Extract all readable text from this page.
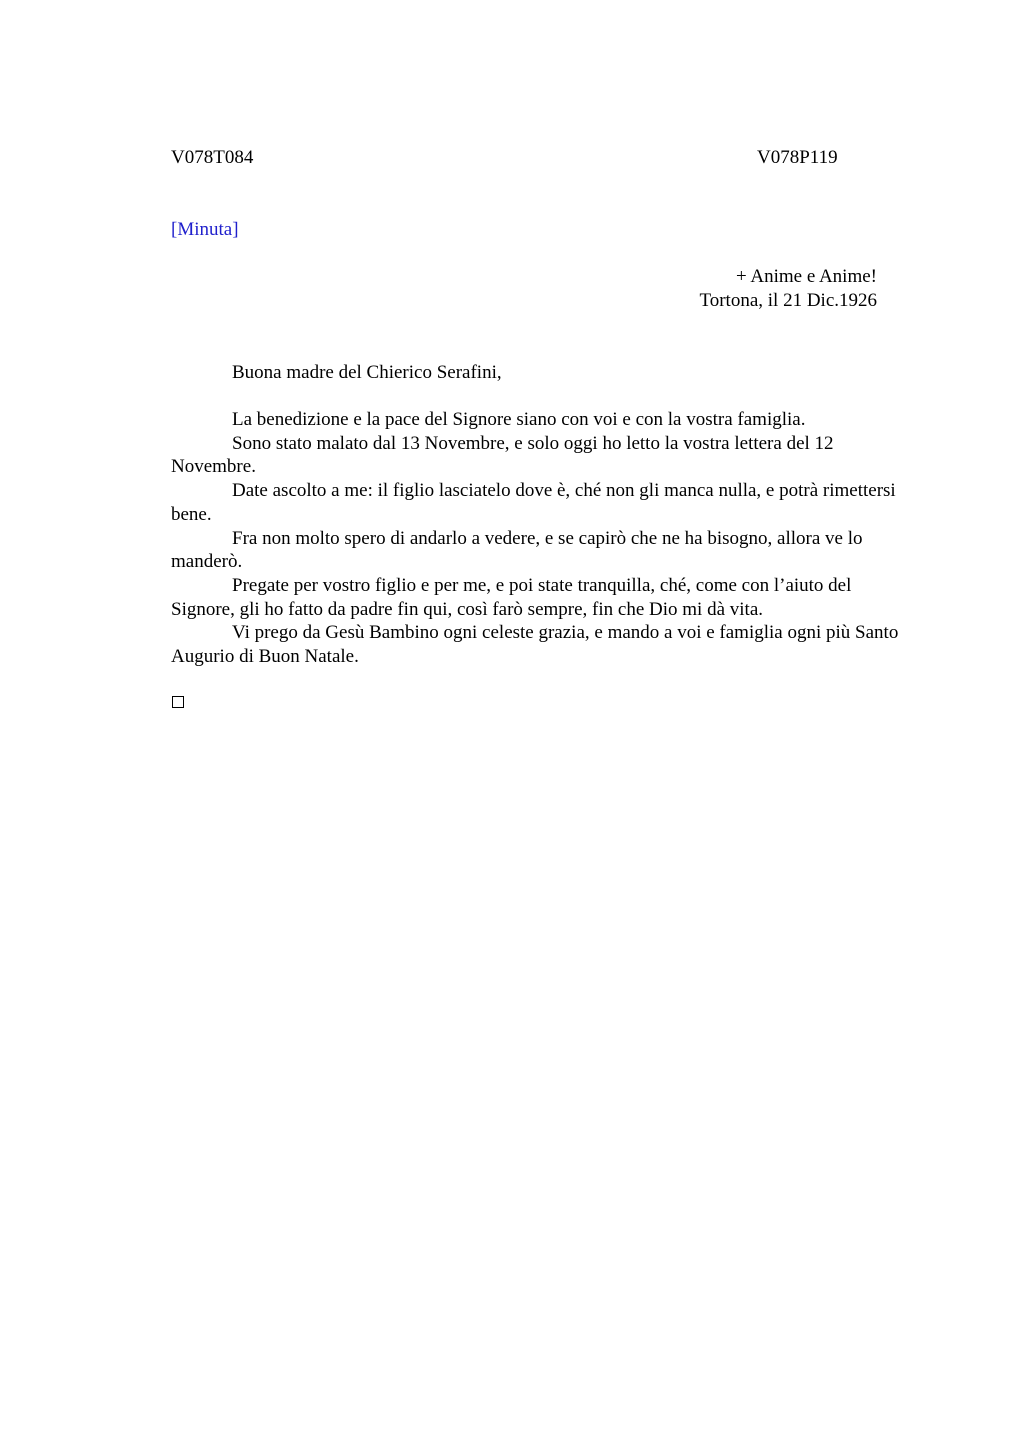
V078T084	V078P119
[Minuta]
+ Anime e Anime!
Tortona, il 21 Dic.1926
Buona madre del Chierico Serafini,

La benedizione e la pace del Signore siano con voi e con la vostra famiglia.

Sono stato malato dal 13 Novembre, e solo oggi ho letto la vostra lettera del 12 Novembre.

Date ascolto a me: il figlio lasciatelo dove è, ché non gli manca nulla, e potrà rimettersi bene.

Fra non molto spero di andarlo a vedere, e se capirò che ne ha bisogno, allora ve lo manderò.

Pregate per vostro figlio e per me, e poi state tranquilla, ché, come con l’aiuto del Signore, gli ho fatto da padre fin qui, così farò sempre, fin che Dio mi dà vita.

Vi prego da Gesù Bambino ogni celeste grazia, e mando a voi e famiglia ogni più Santo Augurio di Buon Natale.
